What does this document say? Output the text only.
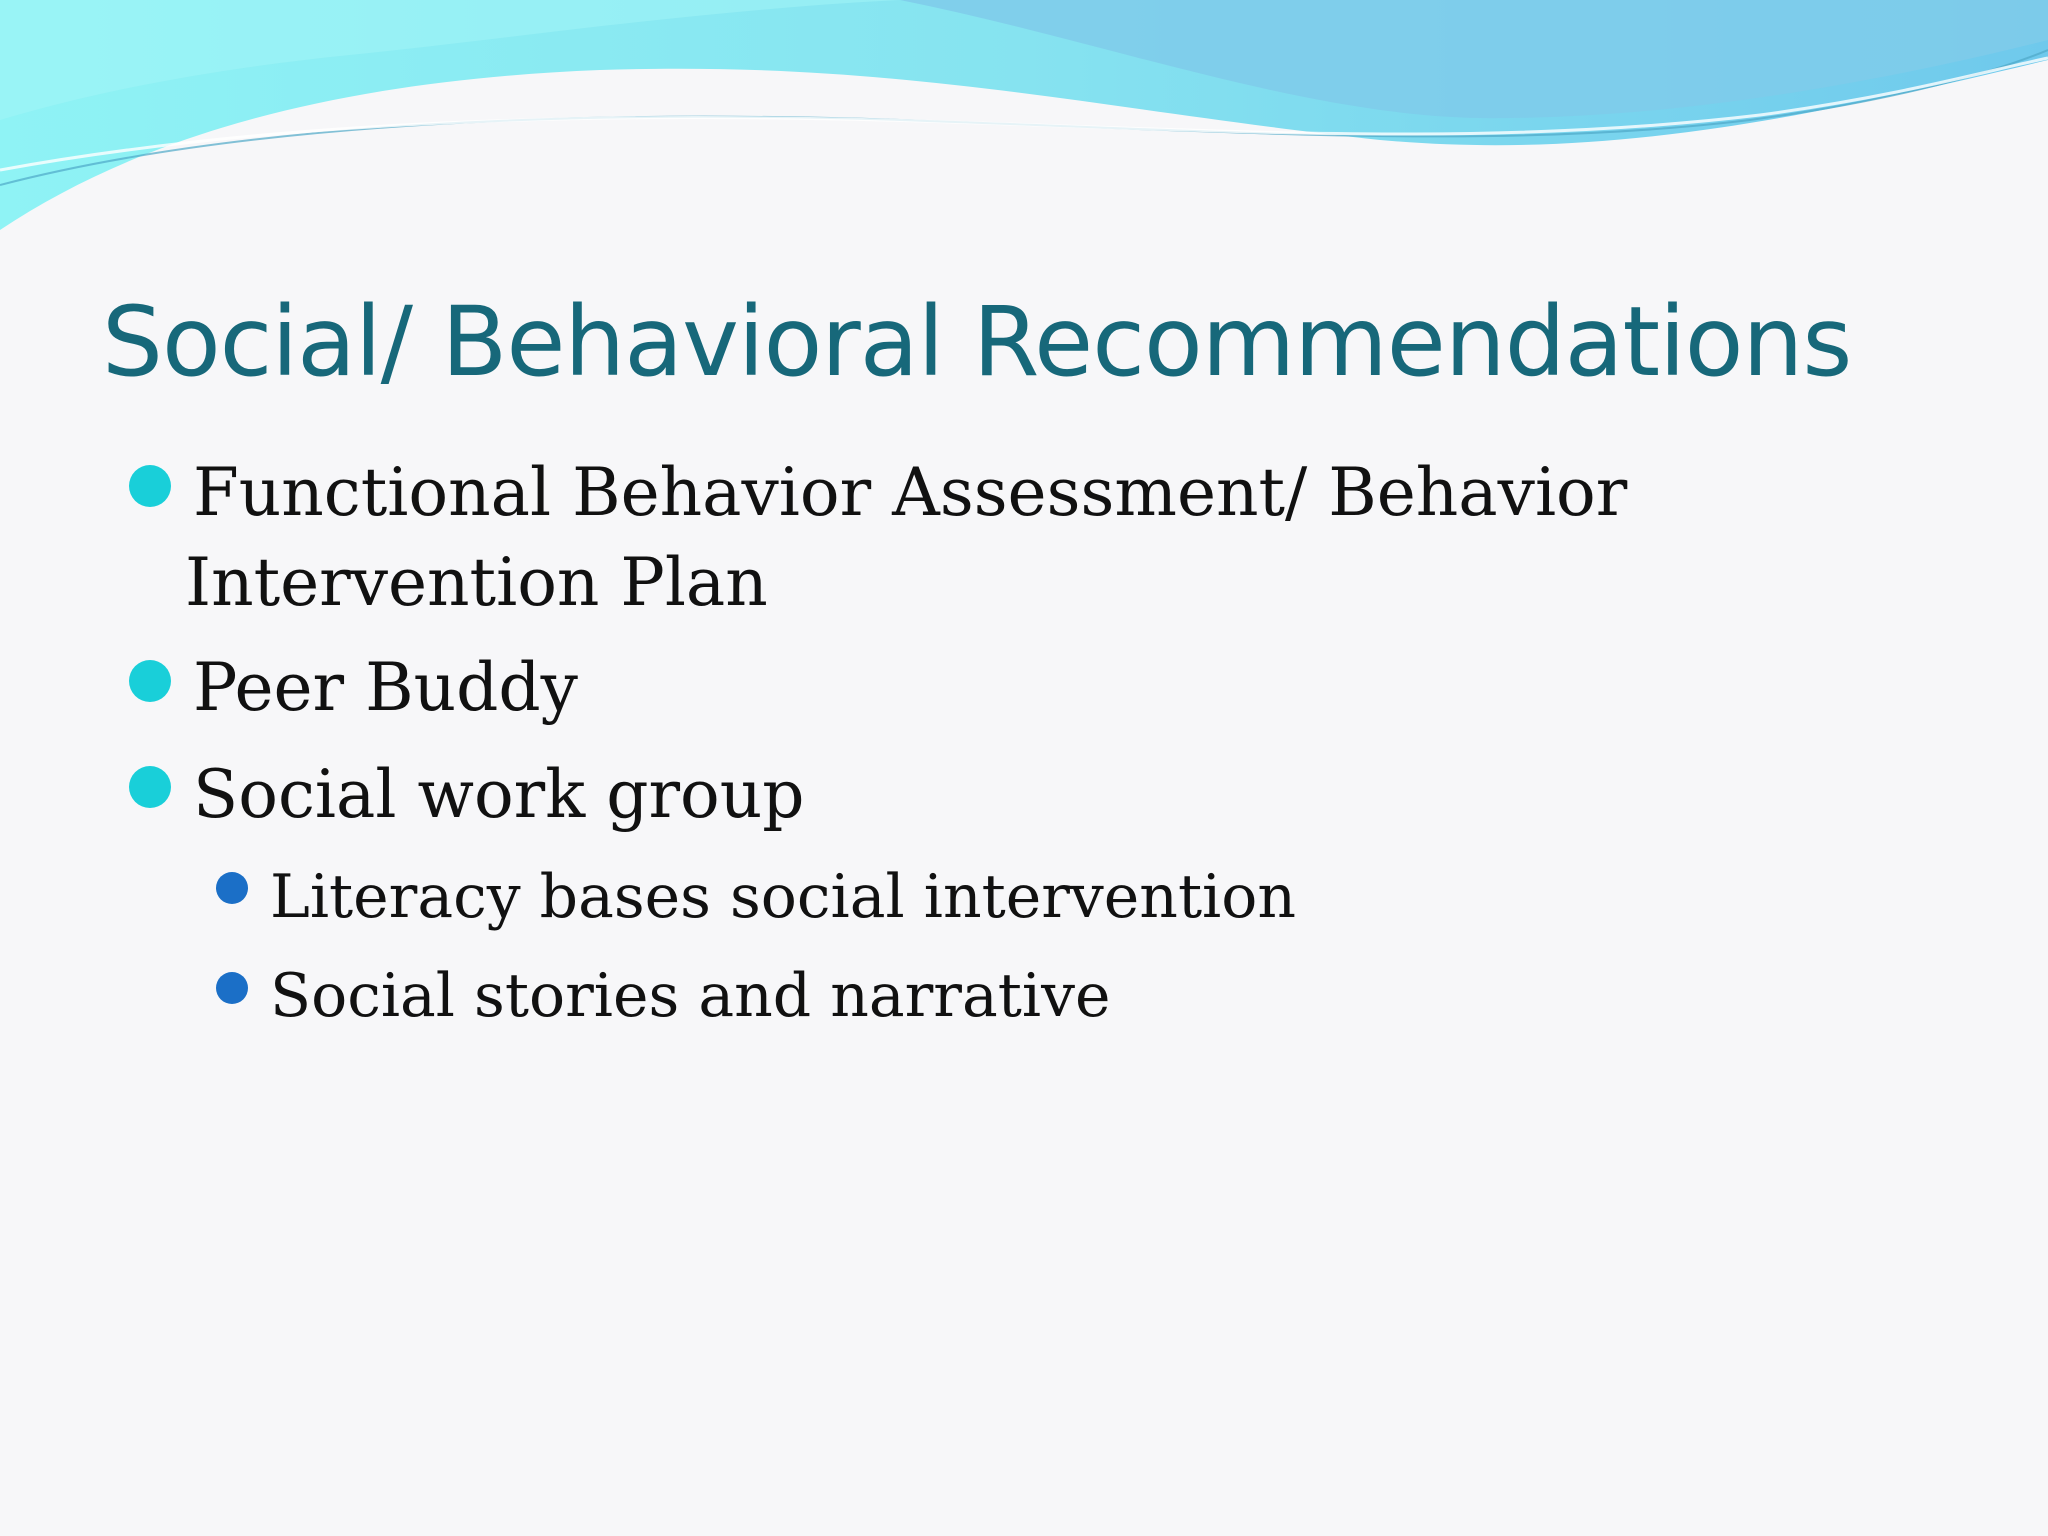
Social/ Behavioral Recommendations
Functional Behavior Assessment/ Behavior
Intervention Plan
Peer Buddy
Social work group
Literacy bases social intervention
Social stories and narrative
